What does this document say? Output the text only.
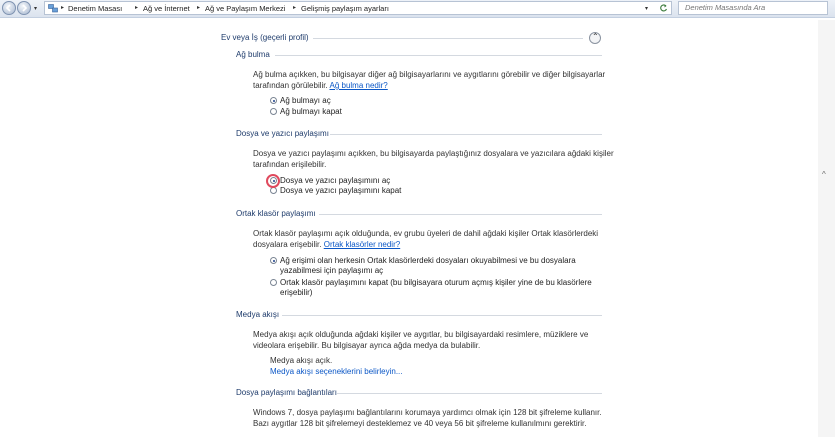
▾	▸ Denetim Masası ▸ Ağ ve İnternet ▸ Ağ ve Paylaşım Merkezi ▸ Gelişmiş paylaşım ayarları	▾
Denetim Masasında Ara
Ev veya İş (geçerli profil)	⌃
Ağ bulma
Ağ bulma açıkken, bu bilgisayar diğer ağ bilgisayarlarını ve aygıtlarını görebilir ve diğer bilgisayarlar
tarafından görülebilir. Ağ bulma nedir?
Ağ bulmayı aç
Ağ bulmayı kapat
Dosya ve yazıcı paylaşımı
Dosya ve yazıcı paylaşımı açıkken, bu bilgisayarda paylaştığınız dosyalara ve yazıcılara ağdaki kişiler
tarafından erişilebilir.
Dosya ve yazıcı paylaşımını aç
Dosya ve yazıcı paylaşımını kapat
Ortak klasör paylaşımı
Ortak klasör paylaşımı açık olduğunda, ev grubu üyeleri de dahil ağdaki kişiler Ortak klasörlerdeki
dosyalara erişebilir. Ortak klasörler nedir?
Ağ erişimi olan herkesin Ortak klasörlerdeki dosyaları okuyabilmesi ve bu dosyalara
yazabilmesi için paylaşımı aç
Ortak klasör paylaşımını kapat (bu bilgisayara oturum açmış kişiler yine de bu klasörlere
erişebilir)
Medya akışı
Medya akışı açık olduğunda ağdaki kişiler ve aygıtlar, bu bilgisayardaki resimlere, müziklere ve
videolara erişebilir. Bu bilgisayar ayrıca ağda medya da bulabilir.
Medya akışı açık.
Medya akışı seçeneklerini belirleyin...
Dosya paylaşımı bağlantıları
Windows 7, dosya paylaşımı bağlantılarını korumaya yardımcı olmak için 128 bit şifreleme kullanır.
Bazı aygıtlar 128 bit şifrelemeyi desteklemez ve 40 veya 56 bit şifreleme kullanılmını gerektirir.
^
